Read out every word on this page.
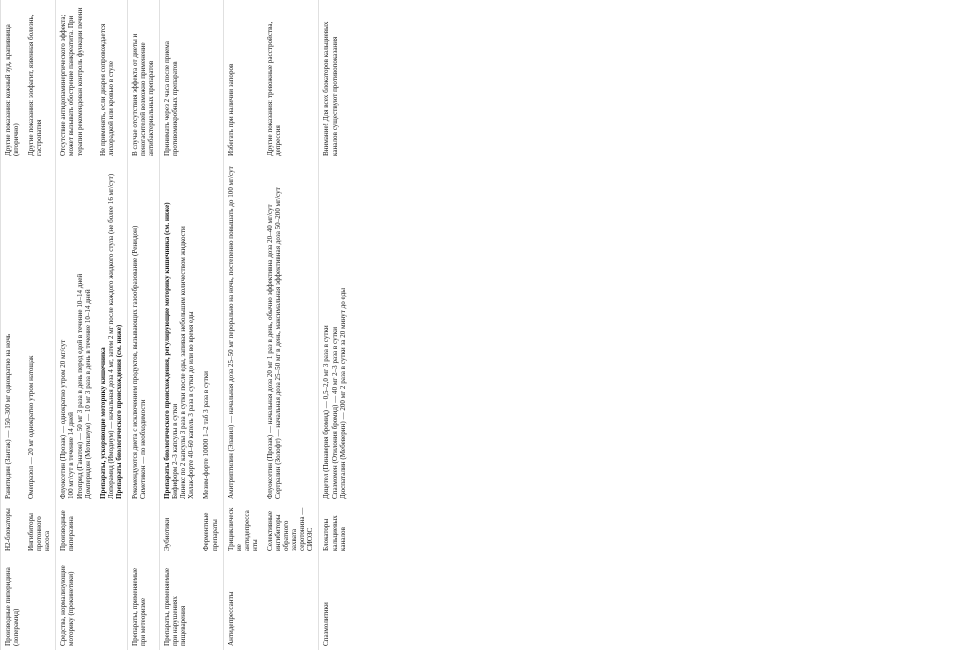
Производные пиперидина (лоперамид)	Н2-блокаторы	Ранитидин (Зантак) — 150–300 мг однократно на ночь	Другие показания: кожный зуд, крапивница (вторично)
	Ингибиторы протонного насоса	Омепразол — 20 мг однократно утром натощак	Другие показания: эзофагит, язвенная болезнь, гастропатия
Средства, нормализующие моторику (прокинетики)	Производные пиперазина	Флуоксетин (Прозак) — однократно утром 20 мг/сут 100 мг/сут в течение 14 дней Итоприд (Ганатон) — 50 мг 3 раза в день перед едой в течение 10–14 дней Домперидон (Мотилиум) — 10 мг 3 раза в день в течение 10–14 дней	Отсутствие антидопаминергического эффекта; может вызывать обострение панкреатита. При терапии рекомендован контроль функции печени

		Препараты, ускоряющие моторику кишечника Лоперамид (Имодиум) — начальная доза 4 мг, затем 2 мг после каждого жидкого стула (не более 16 мг/сут) Препараты биологического происхождения (см. ниже)	Не применять, если диарея сопровождается лихорадкой или кровью в стуле
Препараты, применяемые при метеоризме		Рекомендуются диета с исключением продуктов, вызывающих газообразование (Ренидон) Симетикон — по необходимости	В случае отсутствия эффекта от диеты и пеногасителей возможно применение антибактериальных препаратов
Препараты, применяемые при нарушениях пищеварения	Эубиотики	Препараты биологического происхождения, регулирующие моторику кишечника (см. ниже) Бифиформ 2–3 капсулы в сутки Линекс по 2 капсулы 3 раза в сутки после еды, запивая небольшим количеством жидкости Хилак-форте 40–60 капель 3 раза в сутки до или во время еды	Принимать через 2 часа после приема противомикробных препаратов
	Ферментные препараты	Мезим-форте 10000 1–2 таб 3 раза в сутки	

Антидепрессанты	Трициклические антидепрессанты	Амитриптилин (Элавил) — начальная доза 25–50 мг перорально на ночь, постепенно повышать до 100 мг/сут	Избегать при наличии запоров
	Селективные ингибиторы обратного захвата серотонина — СИОЗС	Флуоксетин (Прозак) — начальная доза 20 мг 1 раз в день, обычно эффективна доза 20–40 мг/сут Сертралин (Золофт) — начальная доза 25–50 мг в день, максимальная эффективная доза 50–200 мг/сут	Другие показания: тревожные расстройства, депрессия
Спазмолитики	Блокаторы кальциевых каналов	Дицетел (Пинаверия бромид) — 0,5–2,0 мг 3 раза в сутки Спазмомен (Отилония бромид) — 40 мг 2–3 раза в сутки Дюспаталин (Мебеверин) — 200 мг 2 раза в сутки за 20 минут до еды	Внимание! Для всех блокаторов кальциевых каналов существуют противопоказания
